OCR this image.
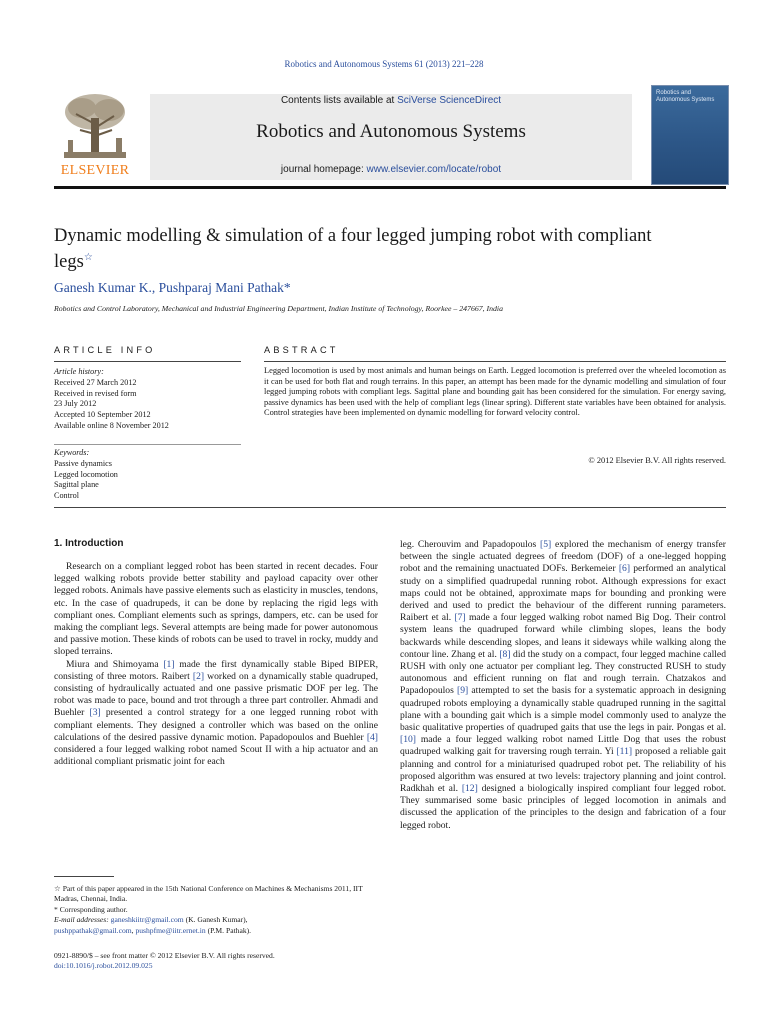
Robotics and Autonomous Systems 61 (2013) 221–228
ELSEVIER
Contents lists available at SciVerse ScienceDirect
Robotics and Autonomous Systems
journal homepage: www.elsevier.com/locate/robot
Robotics and Autonomous Systems
Dynamic modelling & simulation of a four legged jumping robot with compliant legs☆
Ganesh Kumar K., Pushparaj Mani Pathak*
Robotics and Control Laboratory, Mechanical and Industrial Engineering Department, Indian Institute of Technology, Roorkee – 247667, India
ARTICLE INFO	ABSTRACT
Article history:
Received 27 March 2012
Received in revised form
23 July 2012
Accepted 10 September 2012
Available online 8 November 2012
Keywords:
Passive dynamics
Legged locomotion
Sagittal plane
Control
Legged locomotion is used by most animals and human beings on Earth. Legged locomotion is preferred over the wheeled locomotion as it can be used for both flat and rough terrains. In this paper, an attempt has been made for the dynamic modelling and simulation of four legged jumping robots with compliant legs. Sagittal plane and bounding gait has been considered for the simulation. For energy saving, passive dynamics has been used with the help of compliant legs (linear spring). Different state variables have been obtained for analysis. Control strategies have been implemented on dynamic modelling for forward velocity control.
© 2012 Elsevier B.V. All rights reserved.
1. Introduction

Research on a compliant legged robot has been started in recent decades. Four legged walking robots provide better stability and payload capacity over other legged robots. Animals have passive elements such as elasticity in muscles, tendons, etc. In the case of quadrupeds, it can be done by replacing the rigid legs with compliant ones. Compliant elements such as springs, dampers, etc. can be used for making the compliant legs. Several attempts are being made for power autonomous and passive motion. These kinds of robots can be used to travel in rocky, muddy and sloped terrains.

Miura and Shimoyama [1] made the first dynamically stable Biped BIPER, consisting of three motors. Raibert [2] worked on a dynamically stable quadruped, consisting of hydraulically actuated and one passive prismatic DOF per leg. The robot was made to pace, bound and trot through a three part controller. Ahmadi and Buehler [3] presented a control strategy for a one legged running robot with compliant elements. They designed a controller which was based on the online calculations of the desired passive dynamic motion. Papadopoulos and Buehler [4] considered a four legged walking robot named Scout II with a hip actuator and an additional compliant prismatic joint for each

leg. Cherouvim and Papadopoulos [5] explored the mechanism of energy transfer between the single actuated degrees of freedom (DOF) of a one-legged hopping robot and the remaining unactuated DOFs. Berkemeier [6] performed an analytical study on a simplified quadrupedal running robot. Although expressions for exact maps could not be obtained, approximate maps for bounding and pronking were derived and used to predict the behaviour of the different running parameters. Raibert et al. [7] made a four legged walking robot named Big Dog. Their control system leans the quadruped forward while climbing slopes, leans the body backwards while descending slopes, and leans it sideways while walking along the contour line. Zhang et al. [8] did the study on a compact, four legged machine called RUSH with only one actuator per compliant leg. They constructed RUSH to study autonomous and efficient running on flat and rough terrain. Chatzakos and Papadopoulos [9] attempted to set the basis for a systematic approach in designing quadruped robots employing a dynamically stable quadruped running in the sagittal plane with a bounding gait which is a simple model commonly used to analyze the basic qualitative properties of quadruped gaits that use the legs in pair. Pongas et al. [10] made a four legged walking robot named Little Dog that uses the robust quadruped walking gait for traversing rough terrain. Yi [11] proposed a reliable gait planning and control for a miniaturised quadruped robot pet. The reliability of his proposed algorithm was ensured at two levels: trajectory planning and joint control. Radkhah et al. [12] designed a biologically inspired compliant four legged robot. They summarised some basic principles of legged locomotion in animals and discussed the application of the principles to the design and fabrication of a four legged robot.

☆ Part of this paper appeared in the 15th National Conference on Machines & Mechanisms 2011, IIT Madras, Chennai, India.

* Corresponding author.

E-mail addresses: ganeshkiitr@gmail.com (K. Ganesh Kumar),

pushppathak@gmail.com, pushpfme@iitr.ernet.in (P.M. Pathak).

0921-8890/$ – see front matter © 2012 Elsevier B.V. All rights reserved.
doi:10.1016/j.robot.2012.09.025
